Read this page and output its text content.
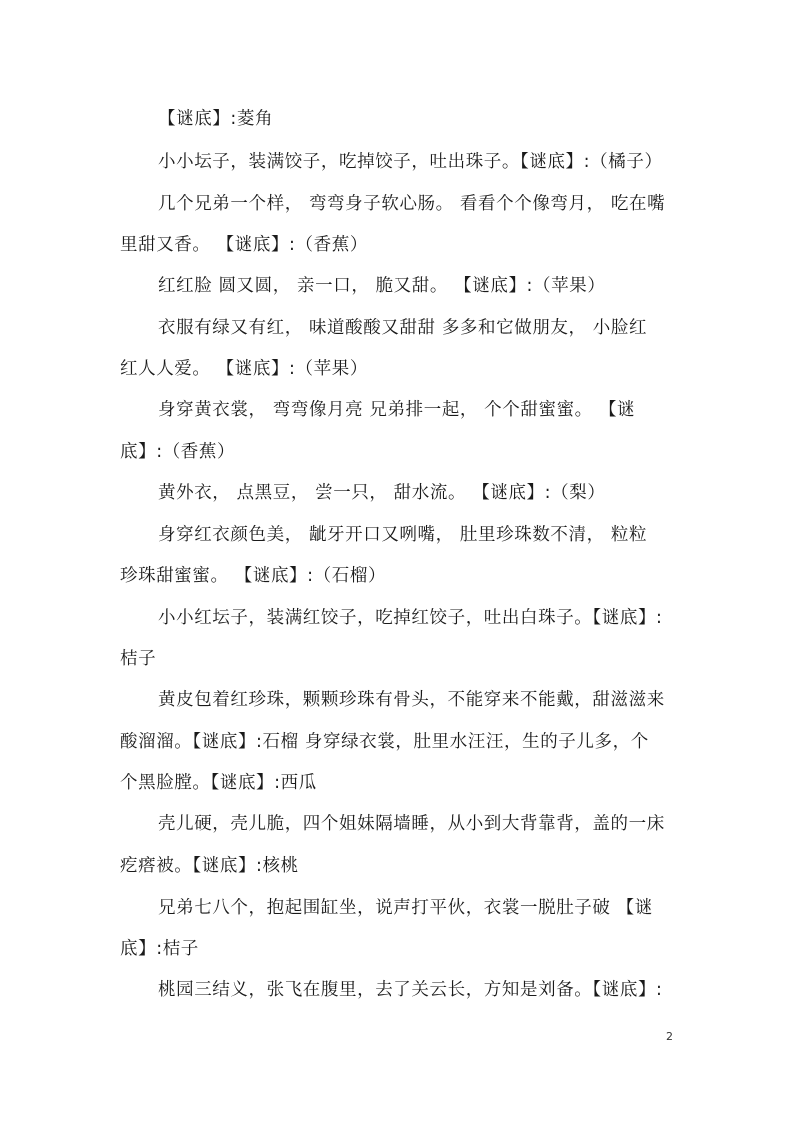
【谜底】:菱角
小小坛子，装满饺子，吃掉饺子，吐出珠子。【谜底】:（橘子）
几个兄弟一个样， 弯弯身子软心肠。 看看个个像弯月， 吃在嘴
里甜又香。 【谜底】:（香蕉）
红红脸 圆又圆， 亲一口， 脆又甜。 【谜底】:（苹果）
衣服有绿又有红， 味道酸酸又甜甜 多多和它做朋友， 小脸红
红人人爱。 【谜底】:（苹果）
身穿黄衣裳， 弯弯像月亮 兄弟排一起， 个个甜蜜蜜。 【谜
底】:（香蕉）
黄外衣， 点黑豆， 尝一只， 甜水流。 【谜底】:（梨）
身穿红衣颜色美， 龇牙开口又咧嘴， 肚里珍珠数不清， 粒粒
珍珠甜蜜蜜。 【谜底】:（石榴）
小小红坛子，装满红饺子，吃掉红饺子，吐出白珠子。【谜底】:
桔子
黄皮包着红珍珠，颗颗珍珠有骨头，不能穿来不能戴，甜滋滋来
酸溜溜。【谜底】:石榴 身穿绿衣裳，肚里水汪汪，生的子儿多，个
个黑脸膛。【谜底】:西瓜
壳儿硬，壳儿脆，四个姐妹隔墙睡，从小到大背靠背，盖的一床
疙瘩被。【谜底】:核桃
兄弟七八个，抱起围缸坐，说声打平伙，衣裳一脱肚子破 【谜
底】:桔子
桃园三结义，张飞在腹里，去了关云长，方知是刘备。【谜底】:
2
